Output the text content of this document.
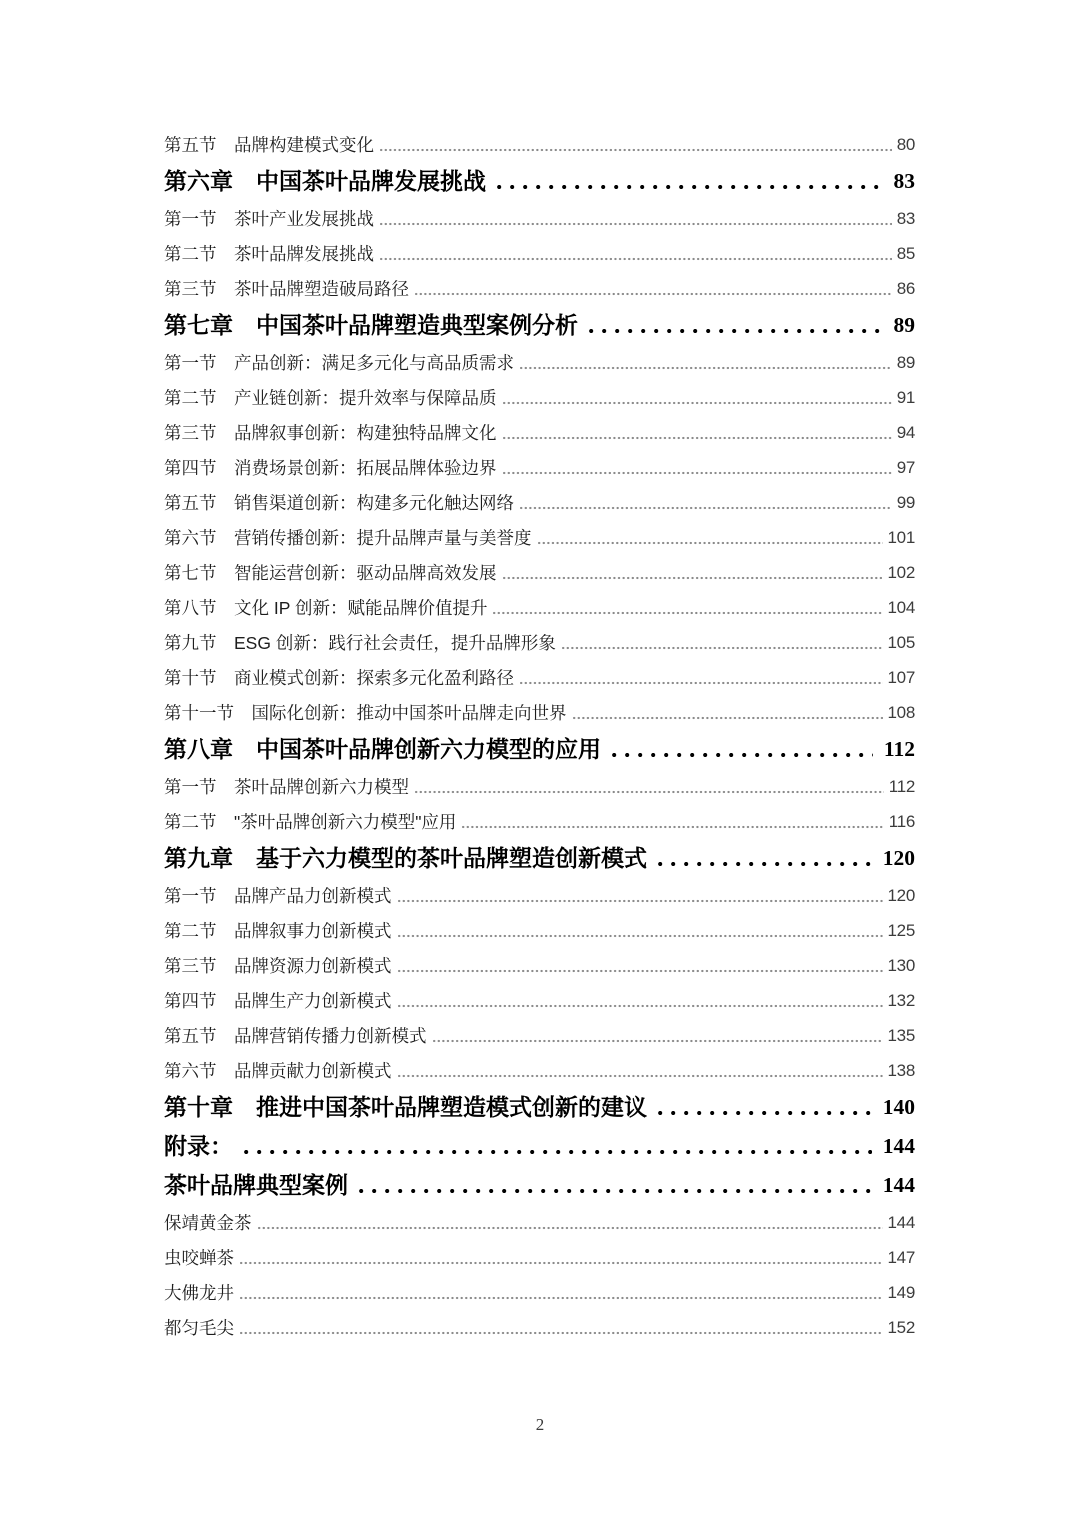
第五节　品牌构建模式变化	80
第六章　中国茶叶品牌发展挑战	83
第一节　茶叶产业发展挑战	83
第二节　茶叶品牌发展挑战	85
第三节　茶叶品牌塑造破局路径	86
第七章　中国茶叶品牌塑造典型案例分析	89
第一节　产品创新：满足多元化与高品质需求	89
第二节　产业链创新：提升效率与保障品质	91
第三节　品牌叙事创新：构建独特品牌文化	94
第四节　消费场景创新：拓展品牌体验边界	97
第五节　销售渠道创新：构建多元化触达网络	99
第六节　营销传播创新：提升品牌声量与美誉度	101
第七节　智能运营创新：驱动品牌高效发展	102
第八节　文化 IP 创新：赋能品牌价值提升	104
第九节　ESG 创新：践行社会责任，提升品牌形象	105
第十节　商业模式创新：探索多元化盈利路径	107
第十一节　国际化创新：推动中国茶叶品牌走向世界	108
第八章　中国茶叶品牌创新六力模型的应用	112
第一节　茶叶品牌创新六力模型	112
第二节　"茶叶品牌创新六力模型"应用	116
第九章　基于六力模型的茶叶品牌塑造创新模式	120
第一节　品牌产品力创新模式	120
第二节　品牌叙事力创新模式	125
第三节　品牌资源力创新模式	130
第四节　品牌生产力创新模式	132
第五节　品牌营销传播力创新模式	135
第六节　品牌贡献力创新模式	138
第十章　推进中国茶叶品牌塑造模式创新的建议	140
附录：	144
茶叶品牌典型案例	144
保靖黄金茶	144
虫咬蝉茶	147
大佛龙井	149
都匀毛尖	152
2
